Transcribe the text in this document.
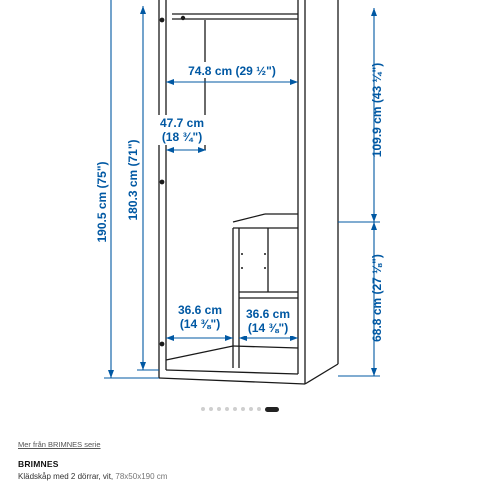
190.5 cm (75") 180.3 cm (71")
109.9 cm (43 ¼")
68.8 cm (27 ⅛")
74.8 cm (29 ½")
47.7 cm
(18 ¾")
36.6 cm
(14 ⅜")
36.6 cm
(14 ⅜")
Mer från BRIMNES serie
BRIMNES
Klädskåp med 2 dörrar, vit, 78x50x190 cm
